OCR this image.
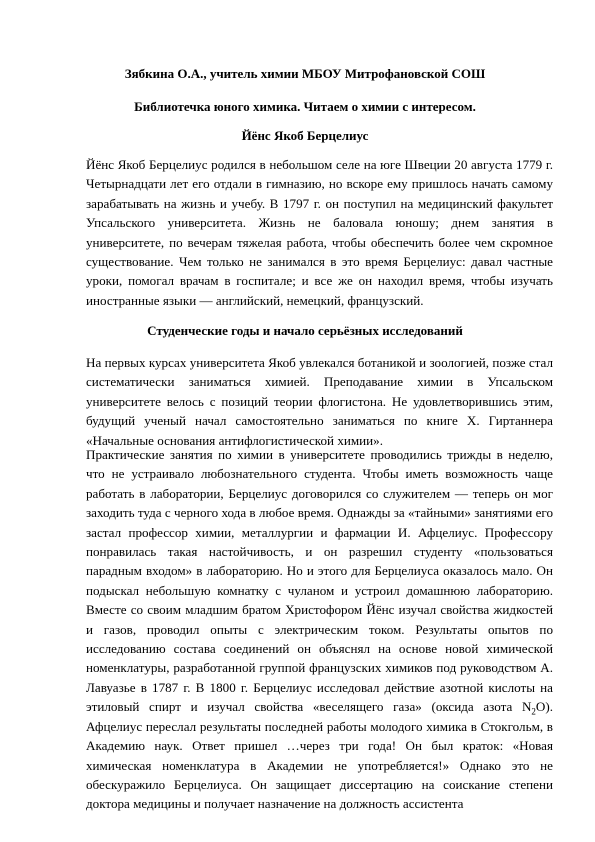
Зябкина О.А., учитель химии МБОУ Митрофановской СОШ
Библиотечка юного химика. Читаем о химии с интересом.
Йёнс Якоб Берцелиус

Йёнс Якоб Берцелиус родился в небольшом селе на юге Швеции 20 августа 1779 г. Четырнадцати лет его отдали в гимназию, но вскоре ему пришлось начать самому зарабатывать на жизнь и учебу. В 1797 г. он поступил на медицинский факультет Упсальского университета. Жизнь не баловала юношу; днем занятия в университете, по вечерам тяжелая работа, чтобы обеспечить более чем скромное существование. Чем только не занимался в это время Берцелиус: давал частные уроки, помогал врачам в госпитале; и все же он находил время, чтобы изучать иностранные языки — английский, немецкий, французский.

Студенческие годы и начало серьёзных исследований

На первых курсах университета Якоб увлекался ботаникой и зоологией, позже стал систематически заниматься химией. Преподавание химии в Упсальском университете велось с позиций теории флогистона. Не удовлетворившись этим, будущий ученый начал самостоятельно заниматься по книге Х. Гиртаннера «Начальные основания антифлогистической химии».

Практические занятия по химии в университете проводились трижды в неделю, что не устраивало любознательного студента. Чтобы иметь возможность чаще работать в лаборатории, Берцелиус договорился со служителем — теперь он мог заходить туда с черного хода в любое время. Однажды за «тайными» занятиями его застал профессор химии, металлургии и фармации И. Афцелиус. Профессору понравилась такая настойчивость, и он разрешил студенту «пользоваться парадным входом» в лабораторию. Но и этого для Берцелиуса оказалось мало. Он подыскал небольшую комнатку с чуланом и устроил домашнюю лабораторию. Вместе со своим младшим братом Христофором Йёнс изучал свойства жидкостей и газов, проводил опыты с электрическим током. Результаты опытов по исследованию состава соединений он объяснял на основе новой химической номенклатуры, разработанной группой французских химиков под руководством А. Лавуазье в 1787 г. В 1800 г. Берцелиус исследовал действие азотной кислоты на этиловый спирт и изучал свойства «веселящего газа» (оксида азота $N_2O$). Афцелиус переслал результаты последней работы молодого химика в Стокгольм, в Академию наук. Ответ пришел …через три года! Он был краток: «Новая химическая номенклатура в Академии не употребляется!» Однако это не обескуражило Берцелиуса. Он защищает диссертацию на соискание степени доктора медицины и получает назначение на должность ассистента
